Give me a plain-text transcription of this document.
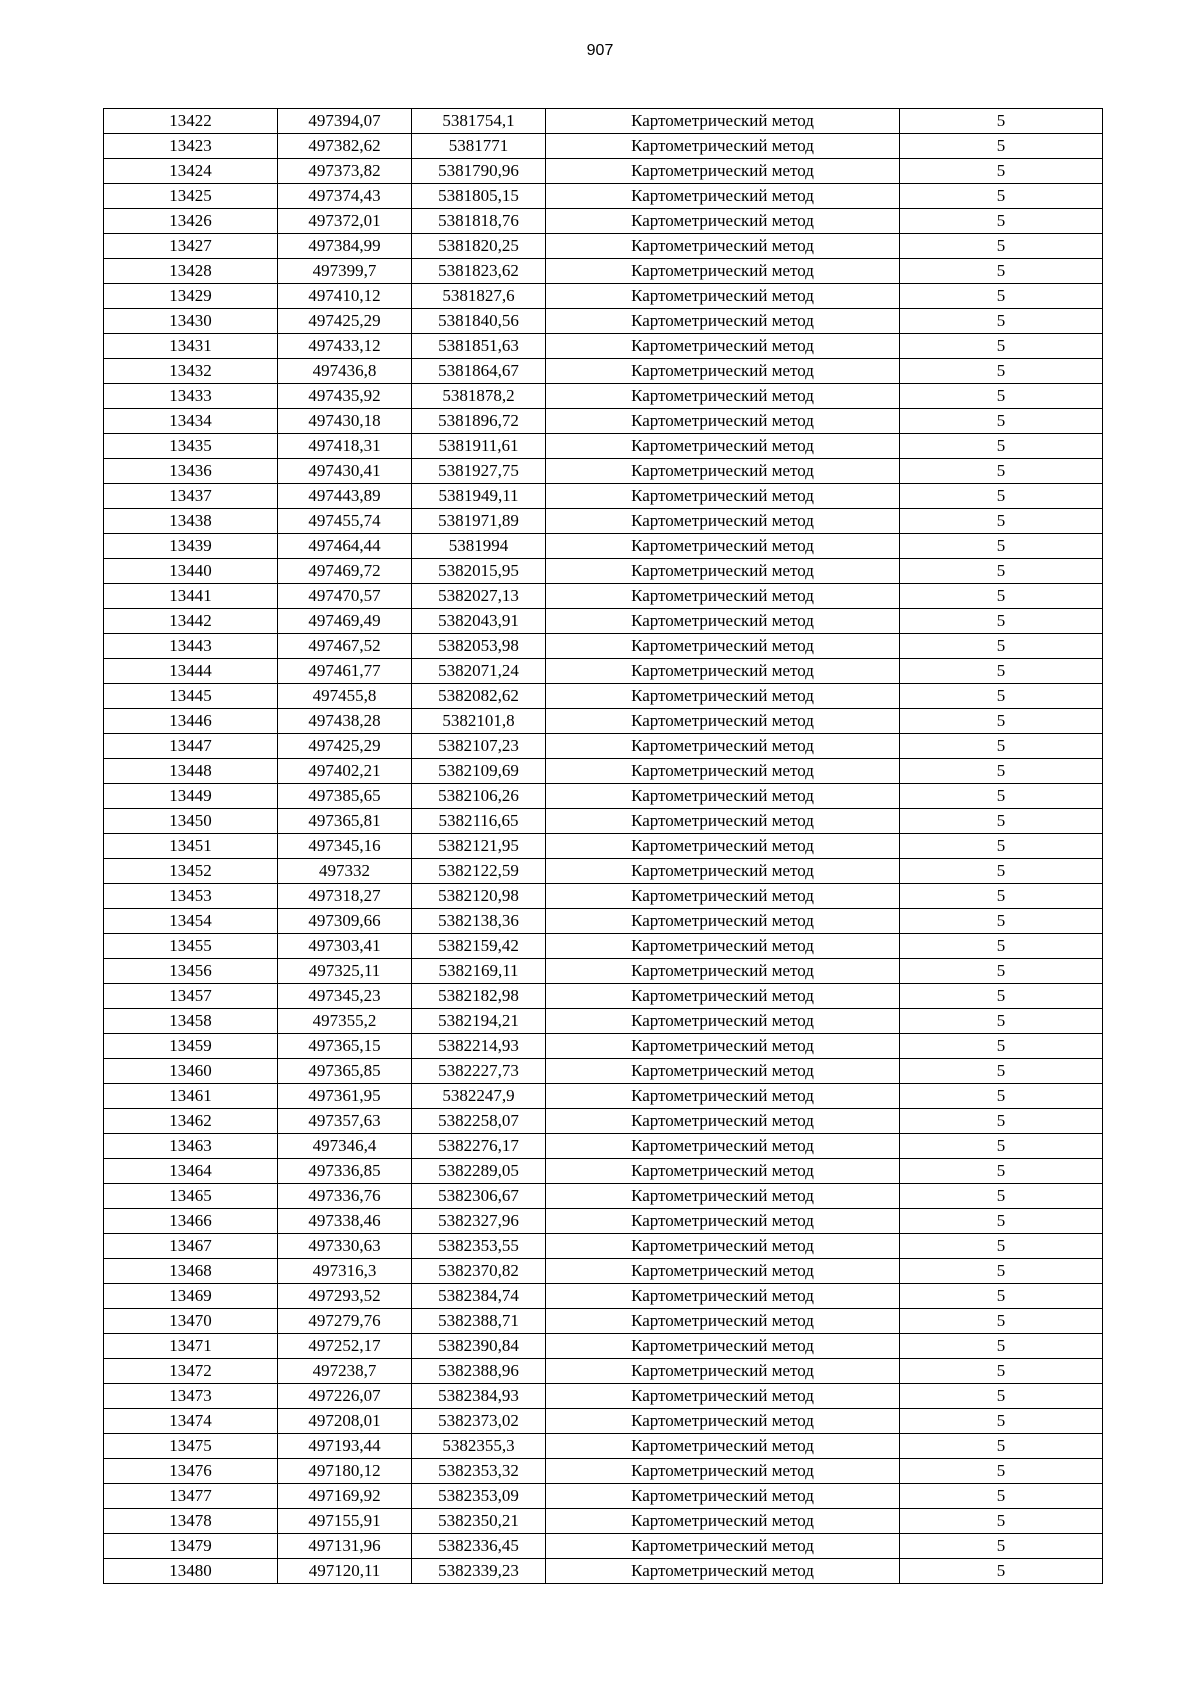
907
13422	497394,07	5381754,1	Картометрический метод	5
13423	497382,62	5381771	Картометрический метод	5
13424	497373,82	5381790,96	Картометрический метод	5
13425	497374,43	5381805,15	Картометрический метод	5
13426	497372,01	5381818,76	Картометрический метод	5
13427	497384,99	5381820,25	Картометрический метод	5
13428	497399,7	5381823,62	Картометрический метод	5
13429	497410,12	5381827,6	Картометрический метод	5
13430	497425,29	5381840,56	Картометрический метод	5
13431	497433,12	5381851,63	Картометрический метод	5
13432	497436,8	5381864,67	Картометрический метод	5
13433	497435,92	5381878,2	Картометрический метод	5
13434	497430,18	5381896,72	Картометрический метод	5
13435	497418,31	5381911,61	Картометрический метод	5
13436	497430,41	5381927,75	Картометрический метод	5
13437	497443,89	5381949,11	Картометрический метод	5
13438	497455,74	5381971,89	Картометрический метод	5
13439	497464,44	5381994	Картометрический метод	5
13440	497469,72	5382015,95	Картометрический метод	5
13441	497470,57	5382027,13	Картометрический метод	5
13442	497469,49	5382043,91	Картометрический метод	5
13443	497467,52	5382053,98	Картометрический метод	5
13444	497461,77	5382071,24	Картометрический метод	5
13445	497455,8	5382082,62	Картометрический метод	5
13446	497438,28	5382101,8	Картометрический метод	5
13447	497425,29	5382107,23	Картометрический метод	5
13448	497402,21	5382109,69	Картометрический метод	5
13449	497385,65	5382106,26	Картометрический метод	5
13450	497365,81	5382116,65	Картометрический метод	5
13451	497345,16	5382121,95	Картометрический метод	5
13452	497332	5382122,59	Картометрический метод	5
13453	497318,27	5382120,98	Картометрический метод	5
13454	497309,66	5382138,36	Картометрический метод	5
13455	497303,41	5382159,42	Картометрический метод	5
13456	497325,11	5382169,11	Картометрический метод	5
13457	497345,23	5382182,98	Картометрический метод	5
13458	497355,2	5382194,21	Картометрический метод	5
13459	497365,15	5382214,93	Картометрический метод	5
13460	497365,85	5382227,73	Картометрический метод	5
13461	497361,95	5382247,9	Картометрический метод	5
13462	497357,63	5382258,07	Картометрический метод	5
13463	497346,4	5382276,17	Картометрический метод	5
13464	497336,85	5382289,05	Картометрический метод	5
13465	497336,76	5382306,67	Картометрический метод	5
13466	497338,46	5382327,96	Картометрический метод	5
13467	497330,63	5382353,55	Картометрический метод	5
13468	497316,3	5382370,82	Картометрический метод	5
13469	497293,52	5382384,74	Картометрический метод	5
13470	497279,76	5382388,71	Картометрический метод	5
13471	497252,17	5382390,84	Картометрический метод	5
13472	497238,7	5382388,96	Картометрический метод	5
13473	497226,07	5382384,93	Картометрический метод	5
13474	497208,01	5382373,02	Картометрический метод	5
13475	497193,44	5382355,3	Картометрический метод	5
13476	497180,12	5382353,32	Картометрический метод	5
13477	497169,92	5382353,09	Картометрический метод	5
13478	497155,91	5382350,21	Картометрический метод	5
13479	497131,96	5382336,45	Картометрический метод	5
13480	497120,11	5382339,23	Картометрический метод	5
